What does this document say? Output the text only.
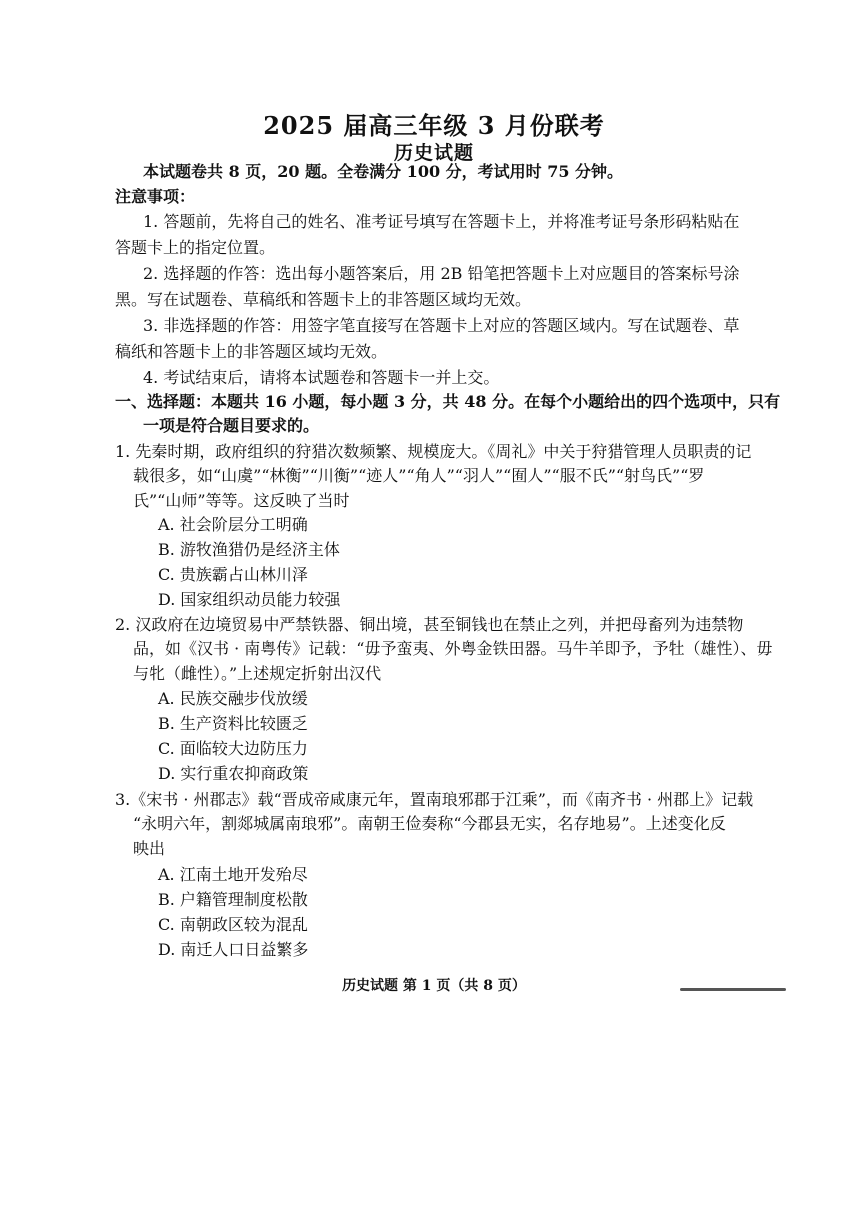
2025 届高三年级 3 月份联考
历史试题
本试题卷共 8 页，20 题。全卷满分 100 分，考试用时 75 分钟。
注意事项：
1. 答题前，先将自己的姓名、准考证号填写在答题卡上，并将准考证号条形码粘贴在
答题卡上的指定位置。
2. 选择题的作答：选出每小题答案后，用 2B 铅笔把答题卡上对应题目的答案标号涂
黑。写在试题卷、草稿纸和答题卡上的非答题区域均无效。
3. 非选择题的作答：用签字笔直接写在答题卡上对应的答题区域内。写在试题卷、草
稿纸和答题卡上的非答题区域均无效。
4. 考试结束后，请将本试题卷和答题卡一并上交。
一、选择题：本题共 16 小题，每小题 3 分，共 48 分。在每个小题给出的四个选项中，只有
一项是符合题目要求的。
1. 先秦时期，政府组织的狩猎次数频繁、规模庞大。《周礼》中关于狩猎管理人员职责的记
载很多，如“山虞”“林衡”“川衡”“迹人”“角人”“羽人”“囿人”“服不氏”“射鸟氏”“罗
氏”“山师”等等。这反映了当时
A. 社会阶层分工明确
B. 游牧渔猎仍是经济主体
C. 贵族霸占山林川泽
D. 国家组织动员能力较强
2. 汉政府在边境贸易中严禁铁器、铜出境，甚至铜钱也在禁止之列，并把母畜列为违禁物
品，如《汉书 · 南粤传》记载：“毋予蛮夷、外粤金铁田器。马牛羊即予，予牡（雄性）、毋
与牝（雌性）。”上述规定折射出汉代
A. 民族交融步伐放缓
B. 生产资料比较匮乏
C. 面临较大边防压力
D. 实行重农抑商政策
3.《宋书 · 州郡志》载“晋成帝咸康元年，置南琅邪郡于江乘”，而《南齐书 · 州郡上》记载
“永明六年，割郯城属南琅邪”。南朝王俭奏称“今郡县无实，名存地易”。上述变化反
映出
A. 江南土地开发殆尽
B. 户籍管理制度松散
C. 南朝政区较为混乱
D. 南迁人口日益繁多
历史试题 第 1 页（共 8 页）
